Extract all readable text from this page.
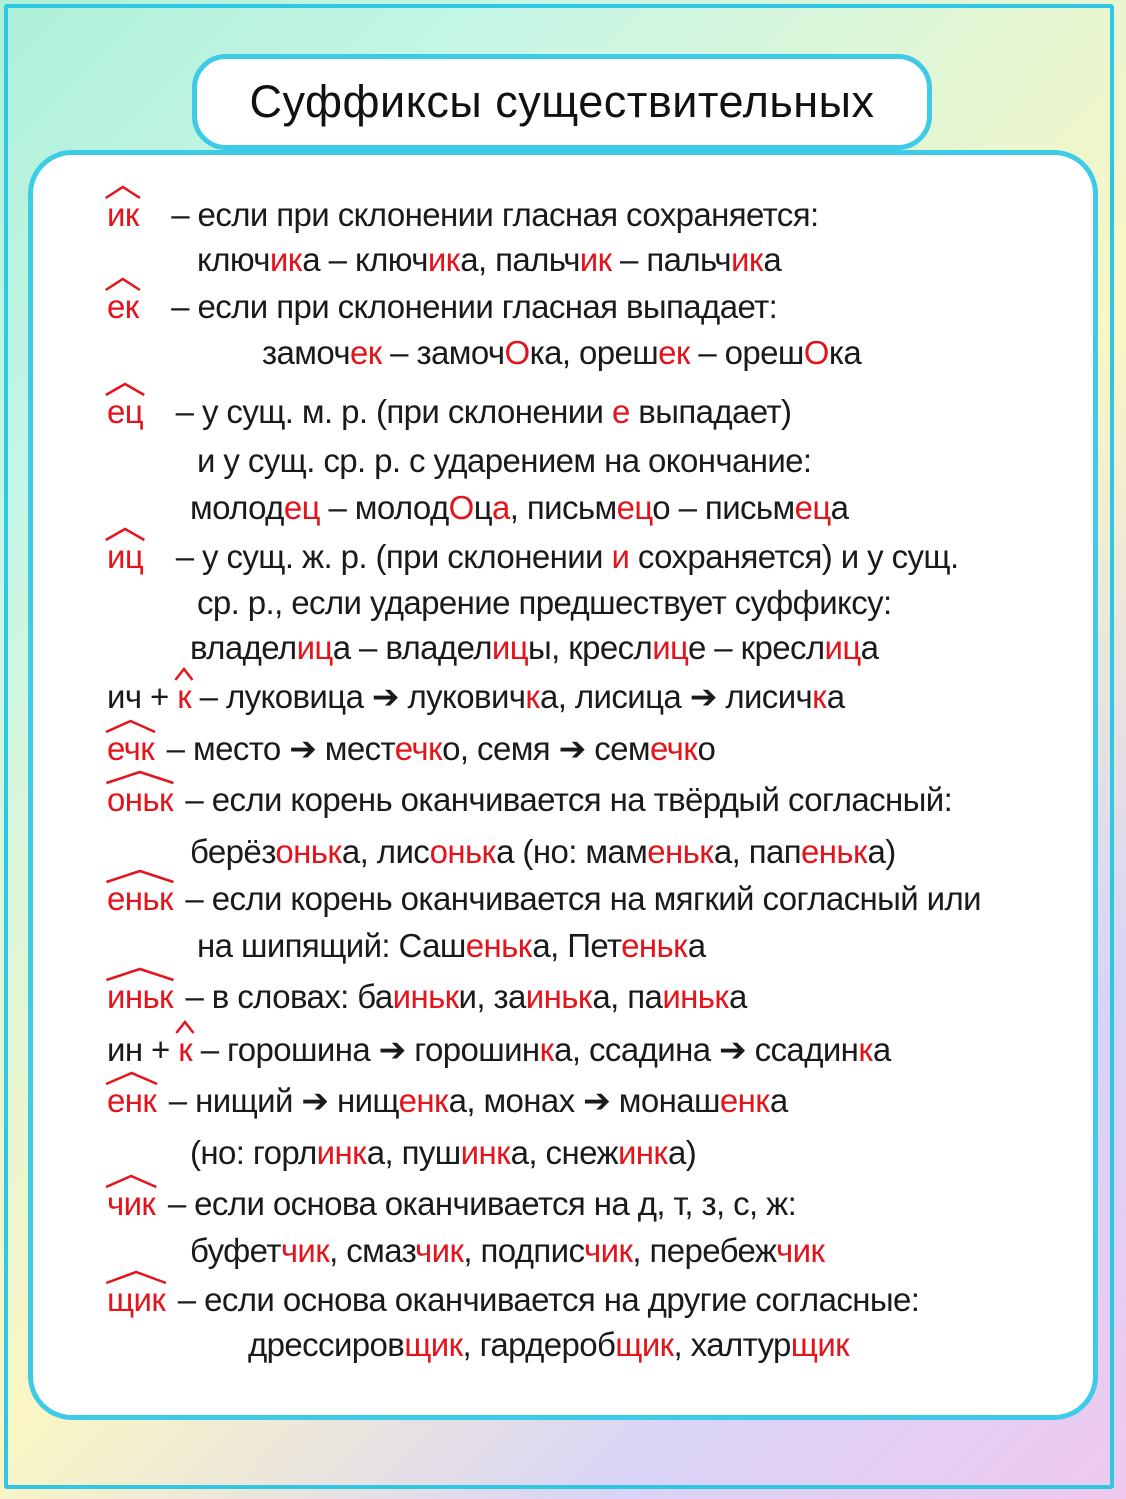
Суффиксы существительных
ик
– если при склонении гласная сохраняется:
ключика – ключика, пальчик – пальчика
ек
– если при склонении гласная выпадает:
замочек – замочОка, орешек – орешОка
ец
– у сущ. м. р. (при склонении е выпадает)
и у сущ. ср. р. с ударением на окончание:
молодец – молодОца, письмецо – письмеца
иц
– у сущ. ж. р. (при склонении и сохраняется) и у сущ.
ср. р., если ударение предшествует суффиксу:
владелица – владелицы, креслице – креслица
ич + к
– луковица ➔ луковичка, лисица ➔ лисичка
ечк
– место ➔ местечко, семя ➔ семечко
оньк
– если корень оканчивается на твёрдый согласный:
берёзонька, лисонька (но: маменька, папенька)
еньк
– если корень оканчивается на мягкий согласный или
на шипящий: Сашенька, Петенька
иньк
– в словах: баиньки, заинька, паинька
ин + к
– горошина ➔ горошинка, ссадина ➔ ссадинка
енк
– нищий ➔ нищенка, монах ➔ монашенка
(но: горлинка, пушинка, снежинка)
чик
– если основа оканчивается на д, т, з, с, ж:
буфетчик, смазчик, подписчик, перебежчик
щик
– если основа оканчивается на другие согласные:
дрессировщик, гардеробщик, халтурщик
